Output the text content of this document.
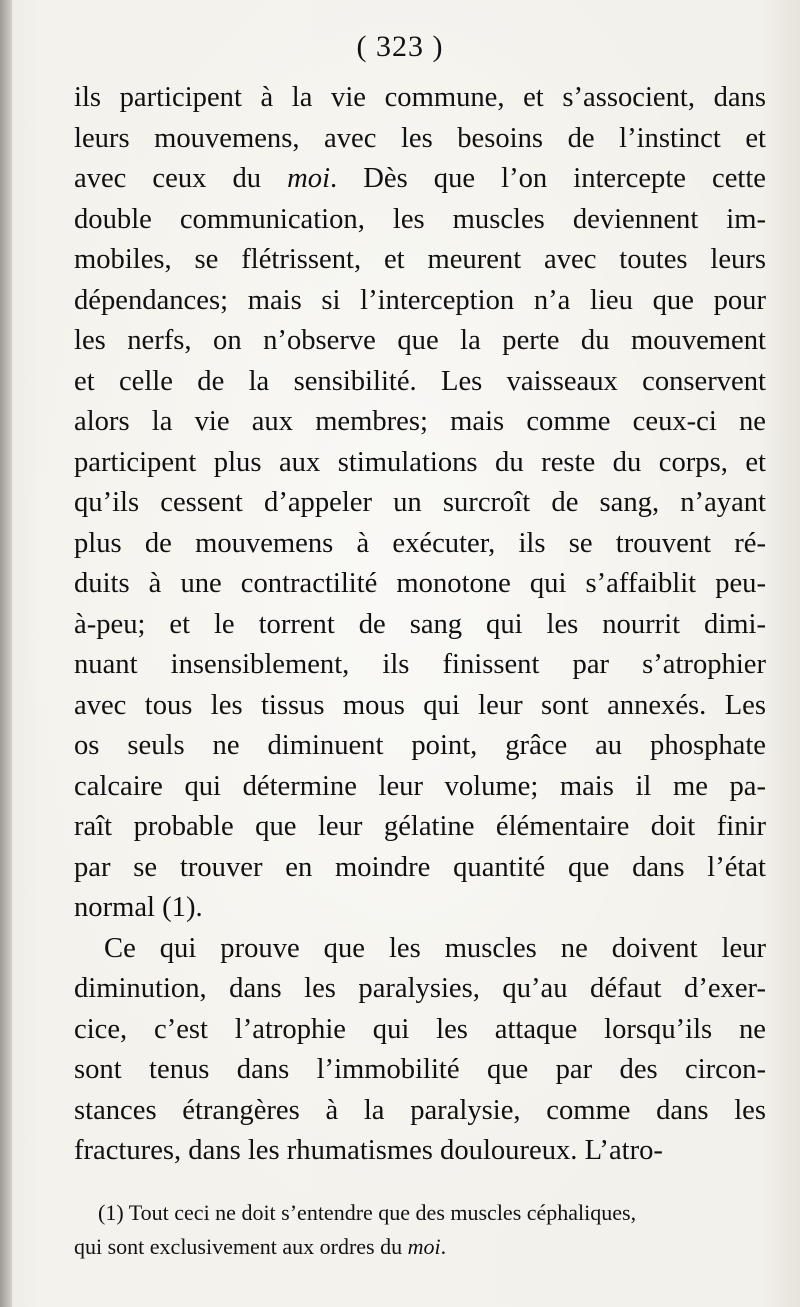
( 323 )
ils participent à la vie commune, et s’associent, dans
leurs mouvemens, avec les besoins de l’instinct et
avec ceux du moi. Dès que l’on intercepte cette
double communication, les muscles deviennent im-
mobiles, se flétrissent, et meurent avec toutes leurs
dépendances; mais si l’interception n’a lieu que pour
les nerfs, on n’observe que la perte du mouvement
et celle de la sensibilité. Les vaisseaux conservent
alors la vie aux membres; mais comme ceux-ci ne
participent plus aux stimulations du reste du corps, et
qu’ils cessent d’appeler un surcroît de sang, n’ayant
plus de mouvemens à exécuter, ils se trouvent ré-
duits à une contractilité monotone qui s’affaiblit peu-
à-peu; et le torrent de sang qui les nourrit dimi-
nuant insensiblement, ils finissent par s’atrophier
avec tous les tissus mous qui leur sont annexés. Les
os seuls ne diminuent point, grâce au phosphate
calcaire qui détermine leur volume; mais il me pa-
raît probable que leur gélatine élémentaire doit finir
par se trouver en moindre quantité que dans l’état
normal (1).
Ce qui prouve que les muscles ne doivent leur
diminution, dans les paralysies, qu’au défaut d’exer-
cice, c’est l’atrophie qui les attaque lorsqu’ils ne
sont tenus dans l’immobilité que par des circon-
stances étrangères à la paralysie, comme dans les
fractures, dans les rhumatismes douloureux. L’atro-
(1) Tout ceci ne doit s’entendre que des muscles céphaliques,
qui sont exclusivement aux ordres du moi.
